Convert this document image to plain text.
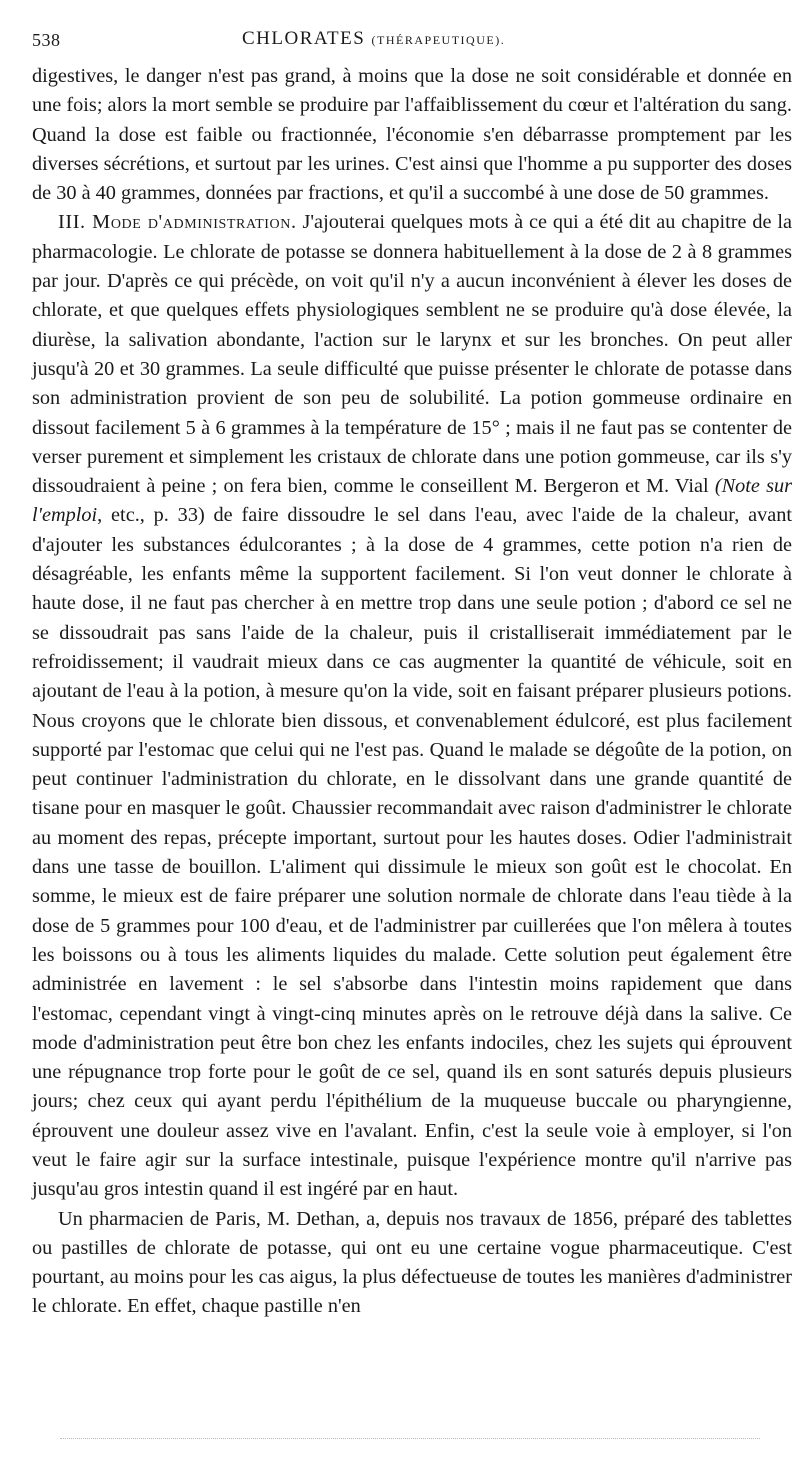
538	CHLORATES (THÉRAPEUTIQUE).

digestives, le danger n'est pas grand, à moins que la dose ne soit considérable et donnée en une fois; alors la mort semble se produire par l'affaiblissement du cœur et l'altération du sang. Quand la dose est faible ou fractionnée, l'économie s'en débarrasse promptement par les diverses sécrétions, et surtout par les urines. C'est ainsi que l'homme a pu supporter des doses de 30 à 40 grammes, données par fractions, et qu'il a succombé à une dose de 50 grammes.

III. Mode d'administration. J'ajouterai quelques mots à ce qui a été dit au chapitre de la pharmacologie. Le chlorate de potasse se donnera habituellement à la dose de 2 à 8 grammes par jour. D'après ce qui précède, on voit qu'il n'y a aucun inconvénient à élever les doses de chlorate, et que quelques effets physiologiques semblent ne se produire qu'à dose élevée, la diurèse, la salivation abondante, l'action sur le larynx et sur les bronches. On peut aller jusqu'à 20 et 30 grammes. La seule difficulté que puisse présenter le chlorate de potasse dans son administration provient de son peu de solubilité. La potion gommeuse ordinaire en dissout facilement 5 à 6 grammes à la température de 15° ; mais il ne faut pas se contenter de verser purement et simplement les cristaux de chlorate dans une potion gommeuse, car ils s'y dissoudraient à peine ; on fera bien, comme le conseillent M. Bergeron et M. Vial (Note sur l'emploi, etc., p. 33) de faire dissoudre le sel dans l'eau, avec l'aide de la chaleur, avant d'ajouter les substances édulcorantes ; à la dose de 4 grammes, cette potion n'a rien de désagréable, les enfants même la supportent facilement. Si l'on veut donner le chlorate à haute dose, il ne faut pas chercher à en mettre trop dans une seule potion ; d'abord ce sel ne se dissoudrait pas sans l'aide de la chaleur, puis il cristalliserait immédiatement par le refroidissement; il vaudrait mieux dans ce cas augmenter la quantité de véhicule, soit en ajoutant de l'eau à la potion, à mesure qu'on la vide, soit en faisant préparer plusieurs potions. Nous croyons que le chlorate bien dissous, et convenablement édulcoré, est plus facilement supporté par l'estomac que celui qui ne l'est pas. Quand le malade se dégoûte de la potion, on peut continuer l'administration du chlorate, en le dissolvant dans une grande quantité de tisane pour en masquer le goût. Chaussier recommandait avec raison d'administrer le chlorate au moment des repas, précepte important, surtout pour les hautes doses. Odier l'administrait dans une tasse de bouillon. L'aliment qui dissimule le mieux son goût est le chocolat. En somme, le mieux est de faire préparer une solution normale de chlorate dans l'eau tiède à la dose de 5 grammes pour 100 d'eau, et de l'administrer par cuillerées que l'on mêlera à toutes les boissons ou à tous les aliments liquides du malade. Cette solution peut également être administrée en lavement : le sel s'absorbe dans l'intestin moins rapidement que dans l'estomac, cependant vingt à vingt-cinq minutes après on le retrouve déjà dans la salive. Ce mode d'administration peut être bon chez les enfants indociles, chez les sujets qui éprouvent une répugnance trop forte pour le goût de ce sel, quand ils en sont saturés depuis plusieurs jours; chez ceux qui ayant perdu l'épithélium de la muqueuse buccale ou pharyngienne, éprouvent une douleur assez vive en l'avalant. Enfin, c'est la seule voie à employer, si l'on veut le faire agir sur la surface intestinale, puisque l'expérience montre qu'il n'arrive pas jusqu'au gros intestin quand il est ingéré par en haut.

Un pharmacien de Paris, M. Dethan, a, depuis nos travaux de 1856, préparé des tablettes ou pastilles de chlorate de potasse, qui ont eu une certaine vogue pharmaceutique. C'est pourtant, au moins pour les cas aigus, la plus défectueuse de toutes les manières d'administrer le chlorate. En effet, chaque pastille n'en
